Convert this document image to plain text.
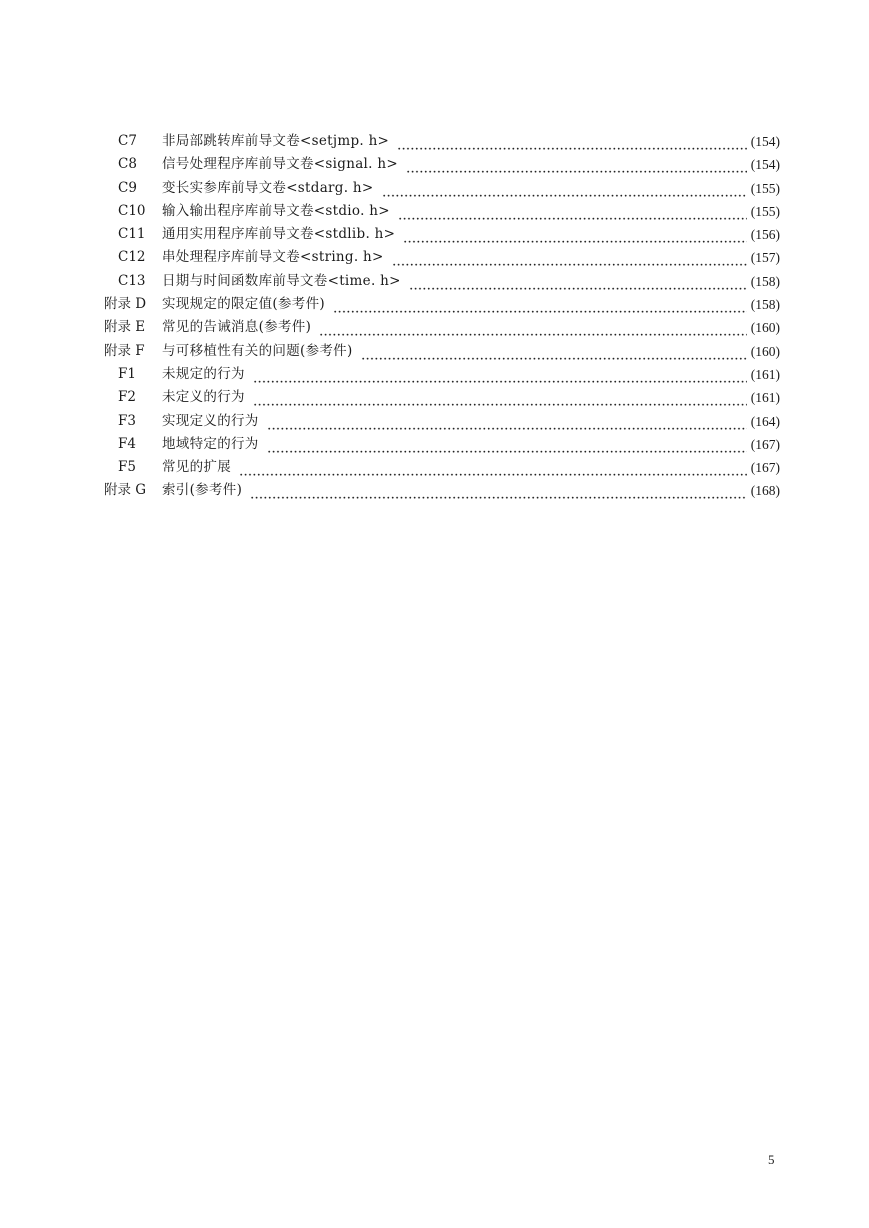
C7	非局部跳转库前导文卷<setjmp. h>	(154)
C8	信号处理程序库前导文卷<signal. h>	(154)
C9	变长实参库前导文卷<stdarg. h>	(155)
C10	输入输出程序库前导文卷<stdio. h>	(155)
C11	通用实用程序库前导文卷<stdlib. h>	(156)
C12	串处理程序库前导文卷<string. h>	(157)
C13	日期与时间函数库前导文卷<time. h>	(158)
附录 D	实现规定的限定值(参考件)	(158)
附录 E	常见的告诫消息(参考件)	(160)
附录 F	与可移植性有关的问题(参考件)	(160)
F1	未规定的行为	(161)
F2	未定义的行为	(161)
F3	实现定义的行为	(164)
F4	地域特定的行为	(167)
F5	常见的扩展	(167)
附录 G	索引(参考件)	(168)
5
